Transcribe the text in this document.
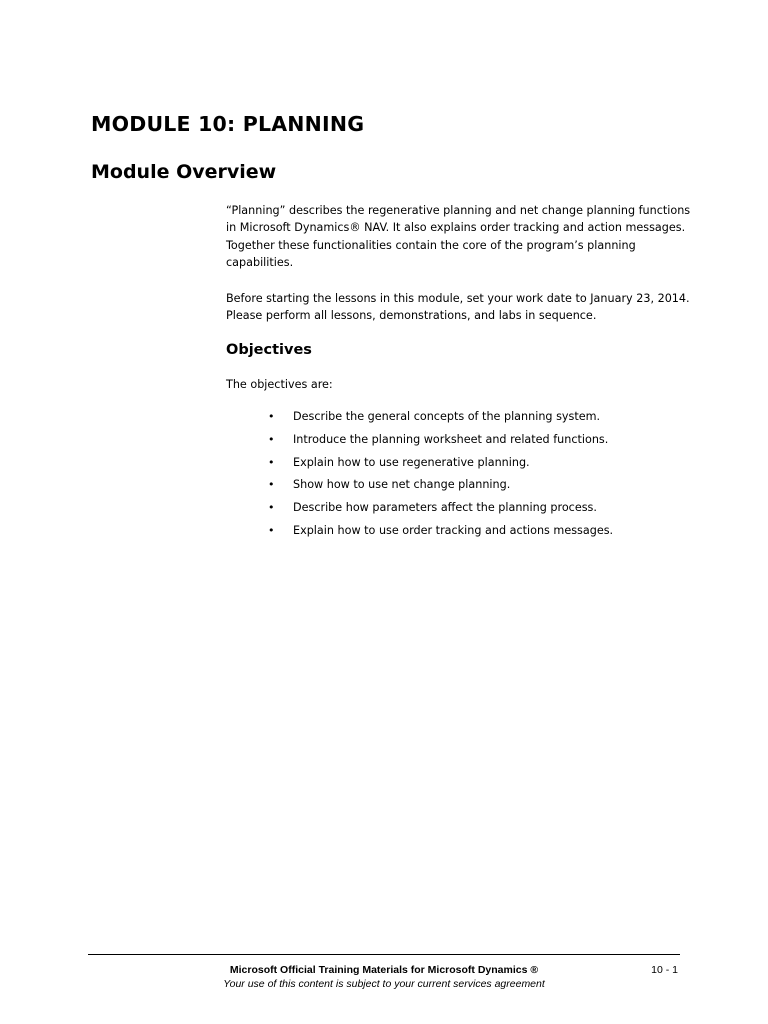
MODULE 10: PLANNING
Module Overview

“Planning” describes the regenerative planning and net change planning functions

in Microsoft Dynamics® NAV. It also explains order tracking and action messages.

Together these functionalities contain the core of the program’s planning

capabilities.

Before starting the lessons in this module, set your work date to January 23, 2014.

Please perform all lessons, demonstrations, and labs in sequence.

Objectives

The objectives are:

• Describe the general concepts of the planning system.
• Introduce the planning worksheet and related functions.
• Explain how to use regenerative planning.
• Show how to use net change planning.
• Describe how parameters affect the planning process.
• Explain how to use order tracking and actions messages.

Microsoft Official Training Materials for Microsoft Dynamics ®

Your use of this content is subject to your current services agreement

10 - 1
